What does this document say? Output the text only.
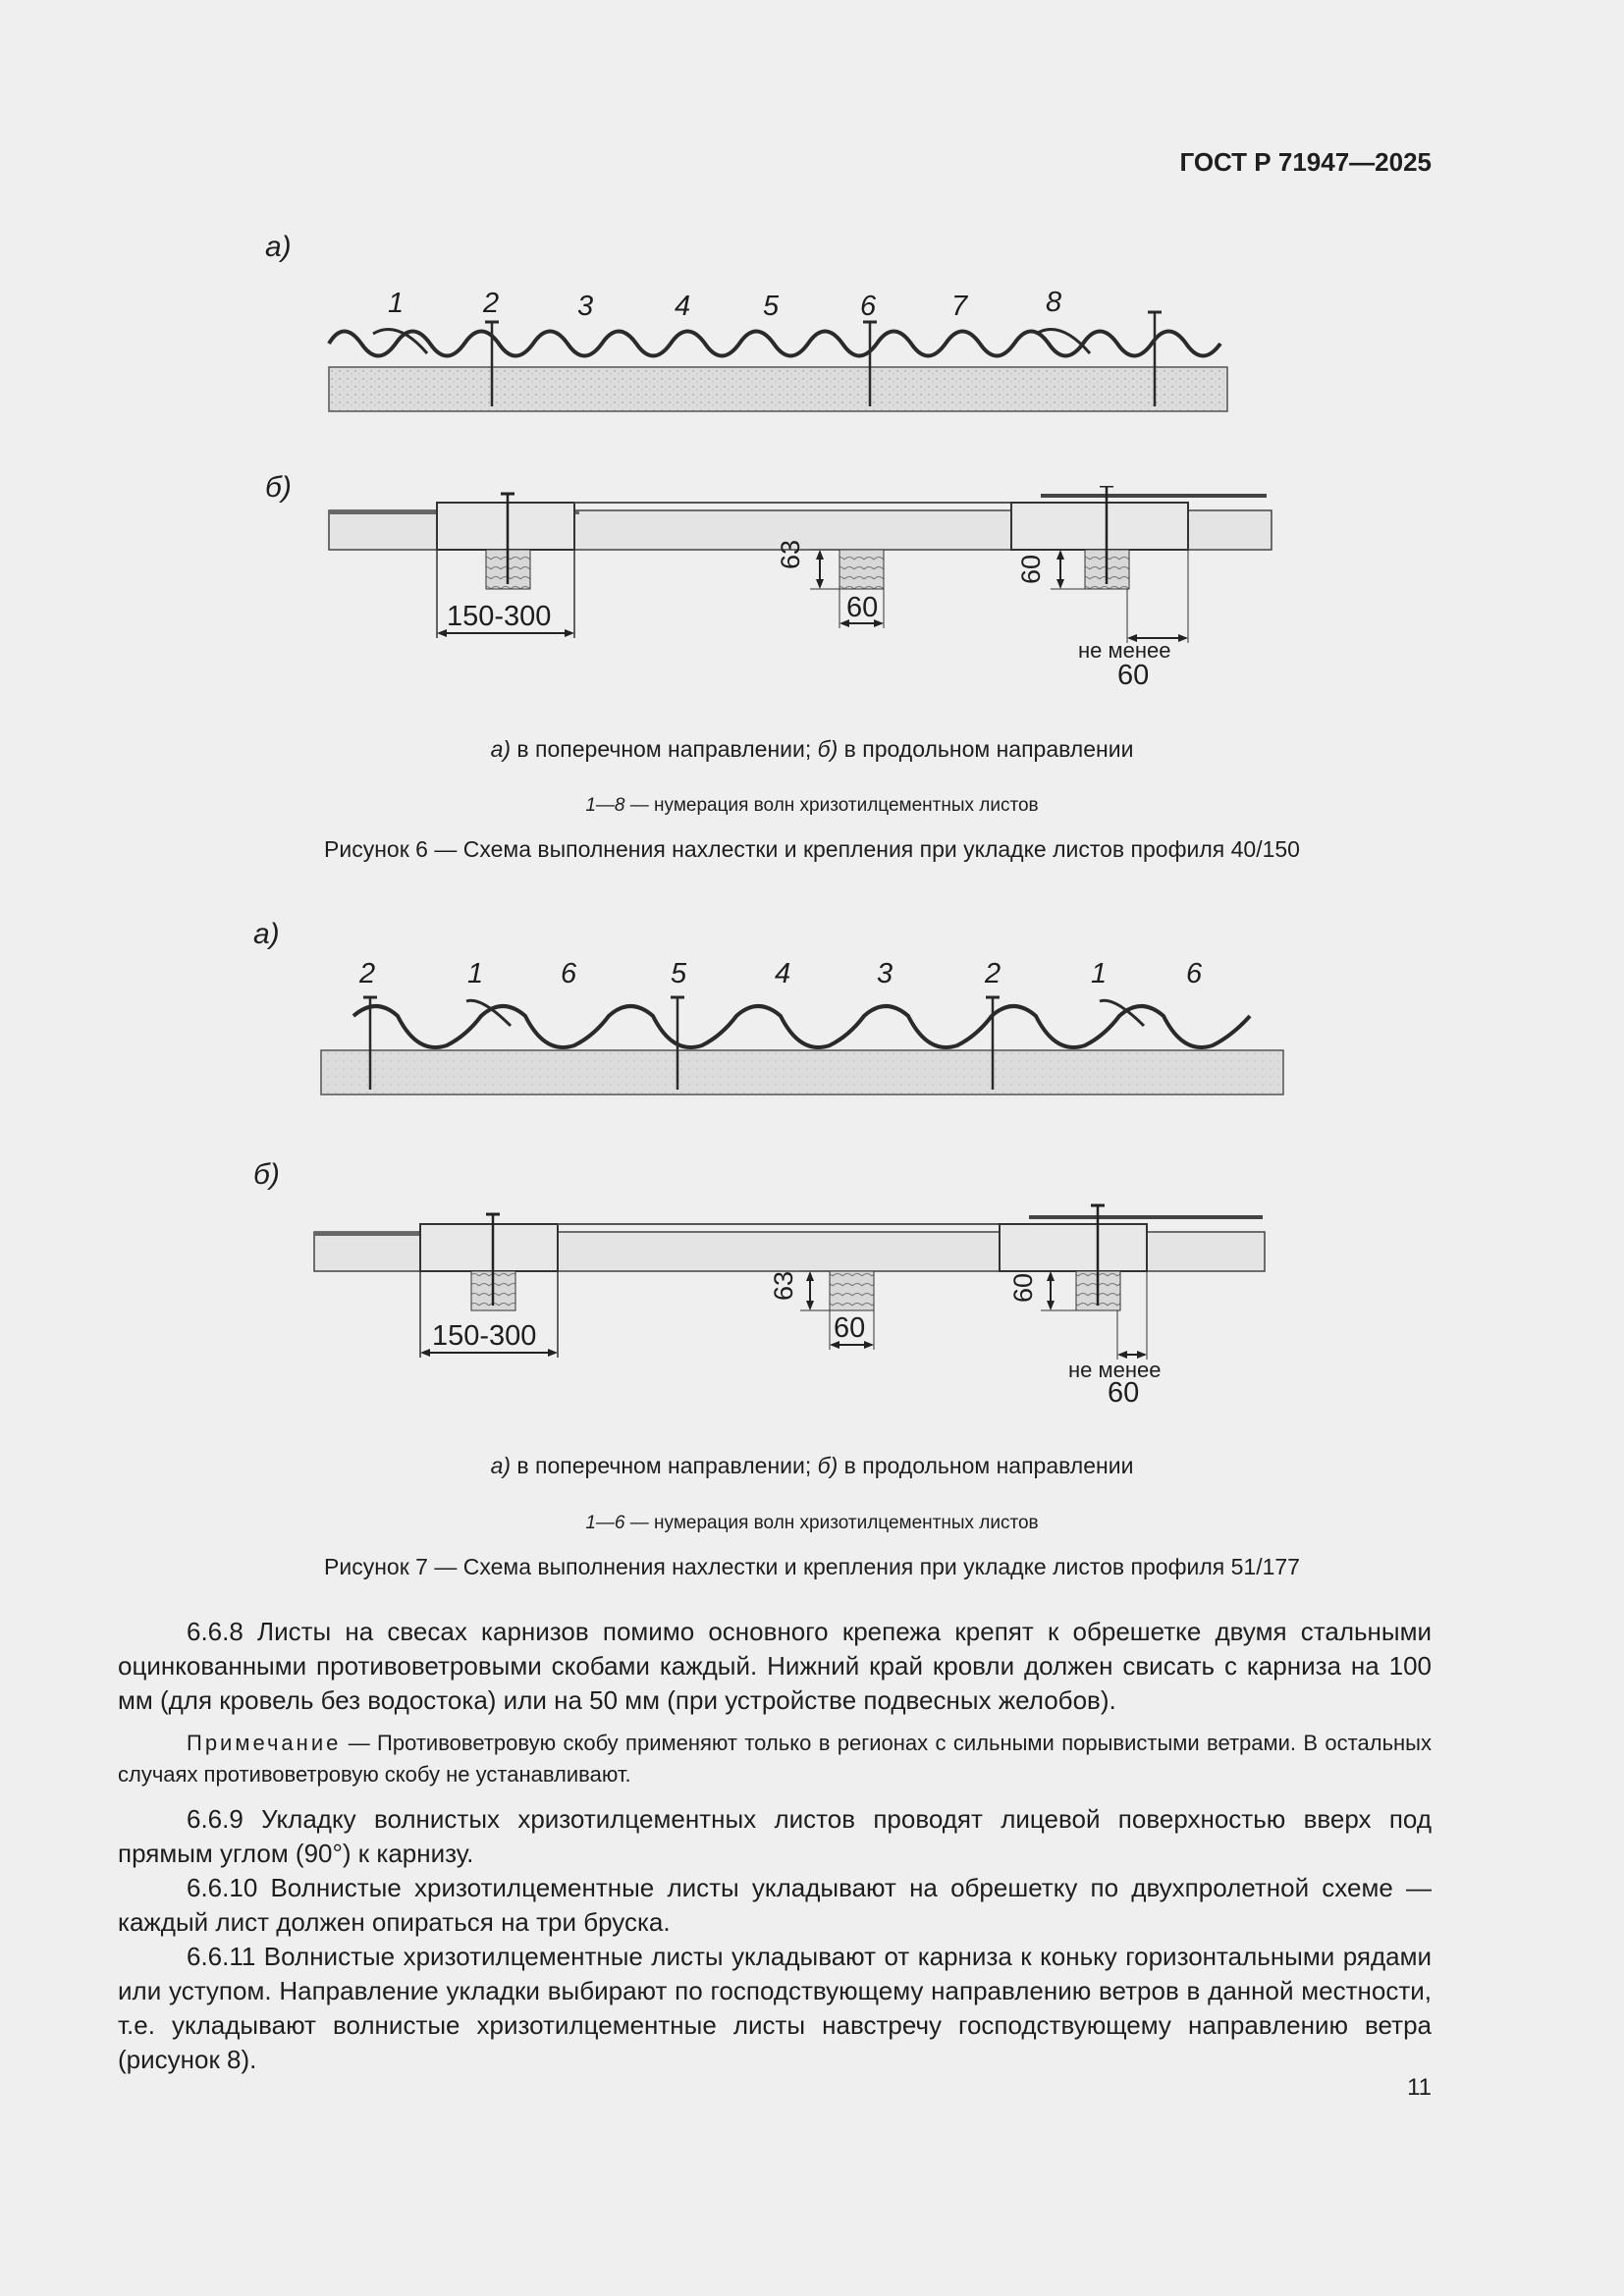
ГОСТ Р 71947—2025
а)
1	2	3	4	5	6	7	8
б)
150-300
63
60
60
не менее
60
а) в поперечном направлении; б) в продольном направлении
1—8 — нумерация волн хризотилцементных листов
Рисунок 6 — Схема выполнения нахлестки и крепления при укладке листов профиля 40/150
а)
2	1	6	5	4	3	2	1	6
б)
150-300
63
60
60
не менее
60
а) в поперечном направлении; б) в продольном направлении
1—6 — нумерация волн хризотилцементных листов
Рисунок 7 — Схема выполнения нахлестки и крепления при укладке листов профиля 51/177

6.6.8 Листы на свесах карнизов помимо основного крепежа крепят к обрешетке двумя стальными оцинкованными противоветровыми скобами каждый. Нижний край кровли должен свисать с карниза на 100 мм (для кровель без водостока) или на 50 мм (при устройстве подвесных желобов).

Примечание — Противоветровую скобу применяют только в регионах с сильными порывистыми ветрами. В остальных случаях противоветровую скобу не устанавливают.

6.6.9 Укладку волнистых хризотилцементных листов проводят лицевой поверхностью вверх под прямым углом (90°) к карнизу.

6.6.10 Волнистые хризотилцементные листы укладывают на обрешетку по двухпролетной схеме — каждый лист должен опираться на три бруска.

6.6.11 Волнистые хризотилцементные листы укладывают от карниза к коньку горизонтальными рядами или уступом. Направление укладки выбирают по господствующему направлению ветров в данной местности, т.е. укладывают волнистые хризотилцементные листы навстречу господствующему направлению ветра (рисунок 8).

11
